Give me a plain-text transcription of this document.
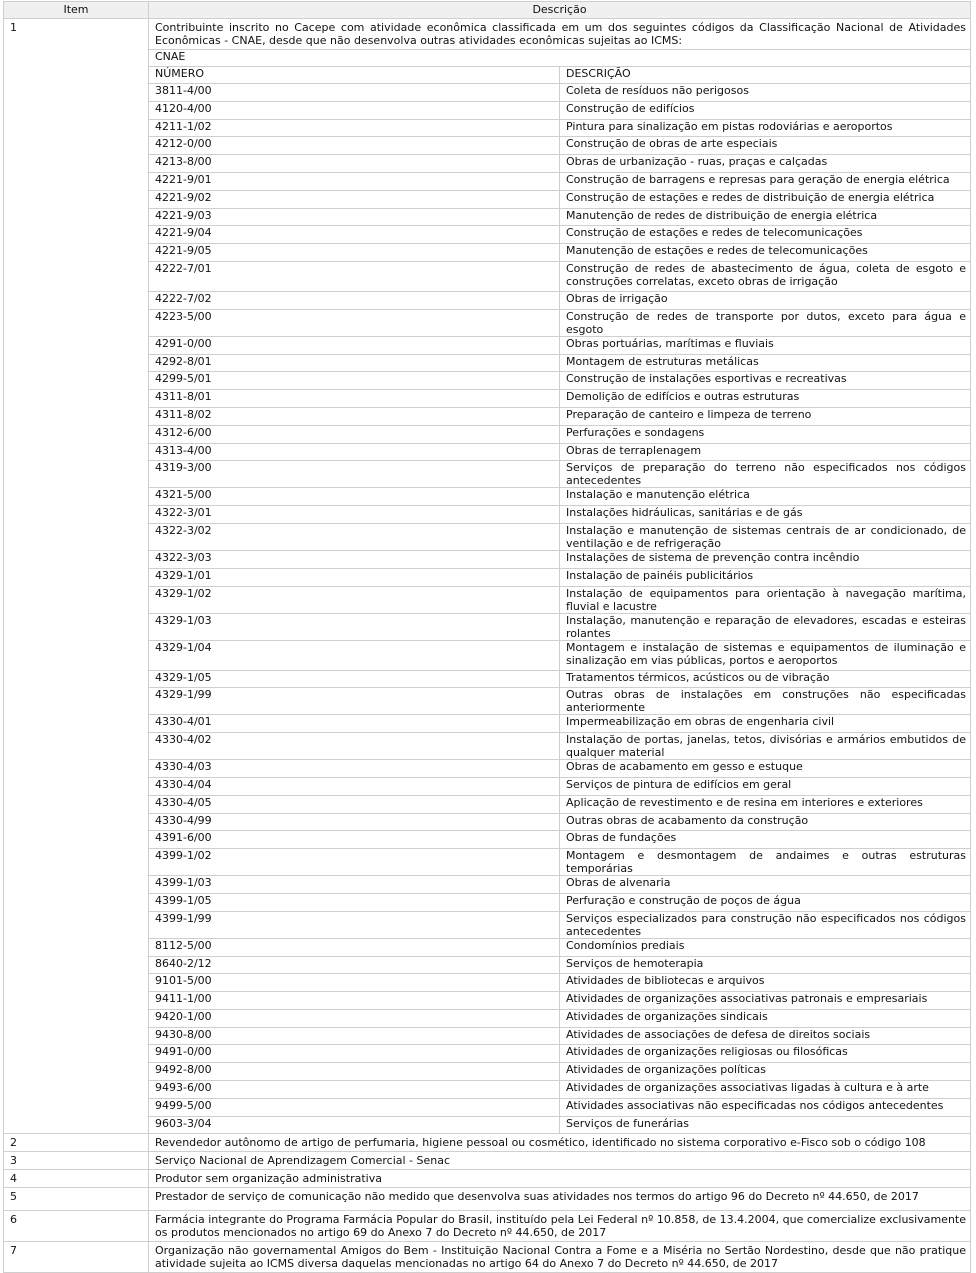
Item	Descrição
1	Contribuinte inscrito no Cacepe com atividade econômica classificada em um dos seguintes códigos da Classificação Nacional de Atividades Econômicas - CNAE, desde que não desenvolva outras atividades econômicas sujeitas ao ICMS:
CNAE
NÚMERO	DESCRIÇÃO
3811-4/00	Coleta de resíduos não perigosos
4120-4/00	Construção de edifícios
4211-1/02	Pintura para sinalização em pistas rodoviárias e aeroportos
4212-0/00	Construção de obras de arte especiais
4213-8/00	Obras de urbanização - ruas, praças e calçadas
4221-9/01	Construção de barragens e represas para geração de energia elétrica
4221-9/02	Construção de estações e redes de distribuição de energia elétrica
4221-9/03	Manutenção de redes de distribuição de energia elétrica
4221-9/04	Construção de estações e redes de telecomunicações
4221-9/05	Manutenção de estações e redes de telecomunicações
4222-7/01	Construção de redes de abastecimento de água, coleta de esgoto e construções correlatas, exceto obras de irrigação
4222-7/02	Obras de irrigação
4223-5/00	Construção de redes de transporte por dutos, exceto para água e esgoto
4291-0/00	Obras portuárias, marítimas e fluviais
4292-8/01	Montagem de estruturas metálicas
4299-5/01	Construção de instalações esportivas e recreativas
4311-8/01	Demolição de edifícios e outras estruturas
4311-8/02	Preparação de canteiro e limpeza de terreno
4312-6/00	Perfurações e sondagens
4313-4/00	Obras de terraplenagem
4319-3/00	Serviços de preparação do terreno não especificados nos códigos antecedentes
4321-5/00	Instalação e manutenção elétrica
4322-3/01	Instalações hidráulicas, sanitárias e de gás
4322-3/02	Instalação e manutenção de sistemas centrais de ar condicionado, de ventilação e de refrigeração
4322-3/03	Instalações de sistema de prevenção contra incêndio
4329-1/01	Instalação de painéis publicitários
4329-1/02	Instalação de equipamentos para orientação à navegação marítima, fluvial e lacustre
4329-1/03	Instalação, manutenção e reparação de elevadores, escadas e esteiras rolantes
4329-1/04	Montagem e instalação de sistemas e equipamentos de iluminação e sinalização em vias públicas, portos e aeroportos
4329-1/05	Tratamentos térmicos, acústicos ou de vibração
4329-1/99	Outras obras de instalações em construções não especificadas anteriormente
4330-4/01	Impermeabilização em obras de engenharia civil
4330-4/02	Instalação de portas, janelas, tetos, divisórias e armários embutidos de qualquer material
4330-4/03	Obras de acabamento em gesso e estuque
4330-4/04	Serviços de pintura de edifícios em geral
4330-4/05	Aplicação de revestimento e de resina em interiores e exteriores
4330-4/99	Outras obras de acabamento da construção
4391-6/00	Obras de fundações
4399-1/02	Montagem e desmontagem de andaimes e outras estruturas temporárias
4399-1/03	Obras de alvenaria
4399-1/05	Perfuração e construção de poços de água
4399-1/99	Serviços especializados para construção não especificados nos códigos antecedentes
8112-5/00	Condomínios prediais
8640-2/12	Serviços de hemoterapia
9101-5/00	Atividades de bibliotecas e arquivos
9411-1/00	Atividades de organizações associativas patronais e empresariais
9420-1/00	Atividades de organizações sindicais
9430-8/00	Atividades de associações de defesa de direitos sociais
9491-0/00	Atividades de organizações religiosas ou filosóficas
9492-8/00	Atividades de organizações políticas
9493-6/00	Atividades de organizações associativas ligadas à cultura e à arte
9499-5/00	Atividades associativas não especificadas nos códigos antecedentes
9603-3/04	Serviços de funerárias

2	Revendedor autônomo de artigo de perfumaria, higiene pessoal ou cosmético, identificado no sistema corporativo e-Fisco sob o código 108
3	Serviço Nacional de Aprendizagem Comercial - Senac
4	Produtor sem organização administrativa
5	Prestador de serviço de comunicação não medido que desenvolva suas atividades nos termos do artigo 96 do Decreto nº 44.650, de 2017
6	Farmácia integrante do Programa Farmácia Popular do Brasil, instituído pela Lei Federal nº 10.858, de 13.4.2004, que comercialize exclusivamente os produtos mencionados no artigo 69 do Anexo 7 do Decreto nº 44.650, de 2017
7	Organização não governamental Amigos do Bem - Instituição Nacional Contra a Fome e a Miséria no Sertão Nordestino, desde que não pratique atividade sujeita ao ICMS diversa daquelas mencionadas no artigo 64 do Anexo 7 do Decreto nº 44.650, de 2017
